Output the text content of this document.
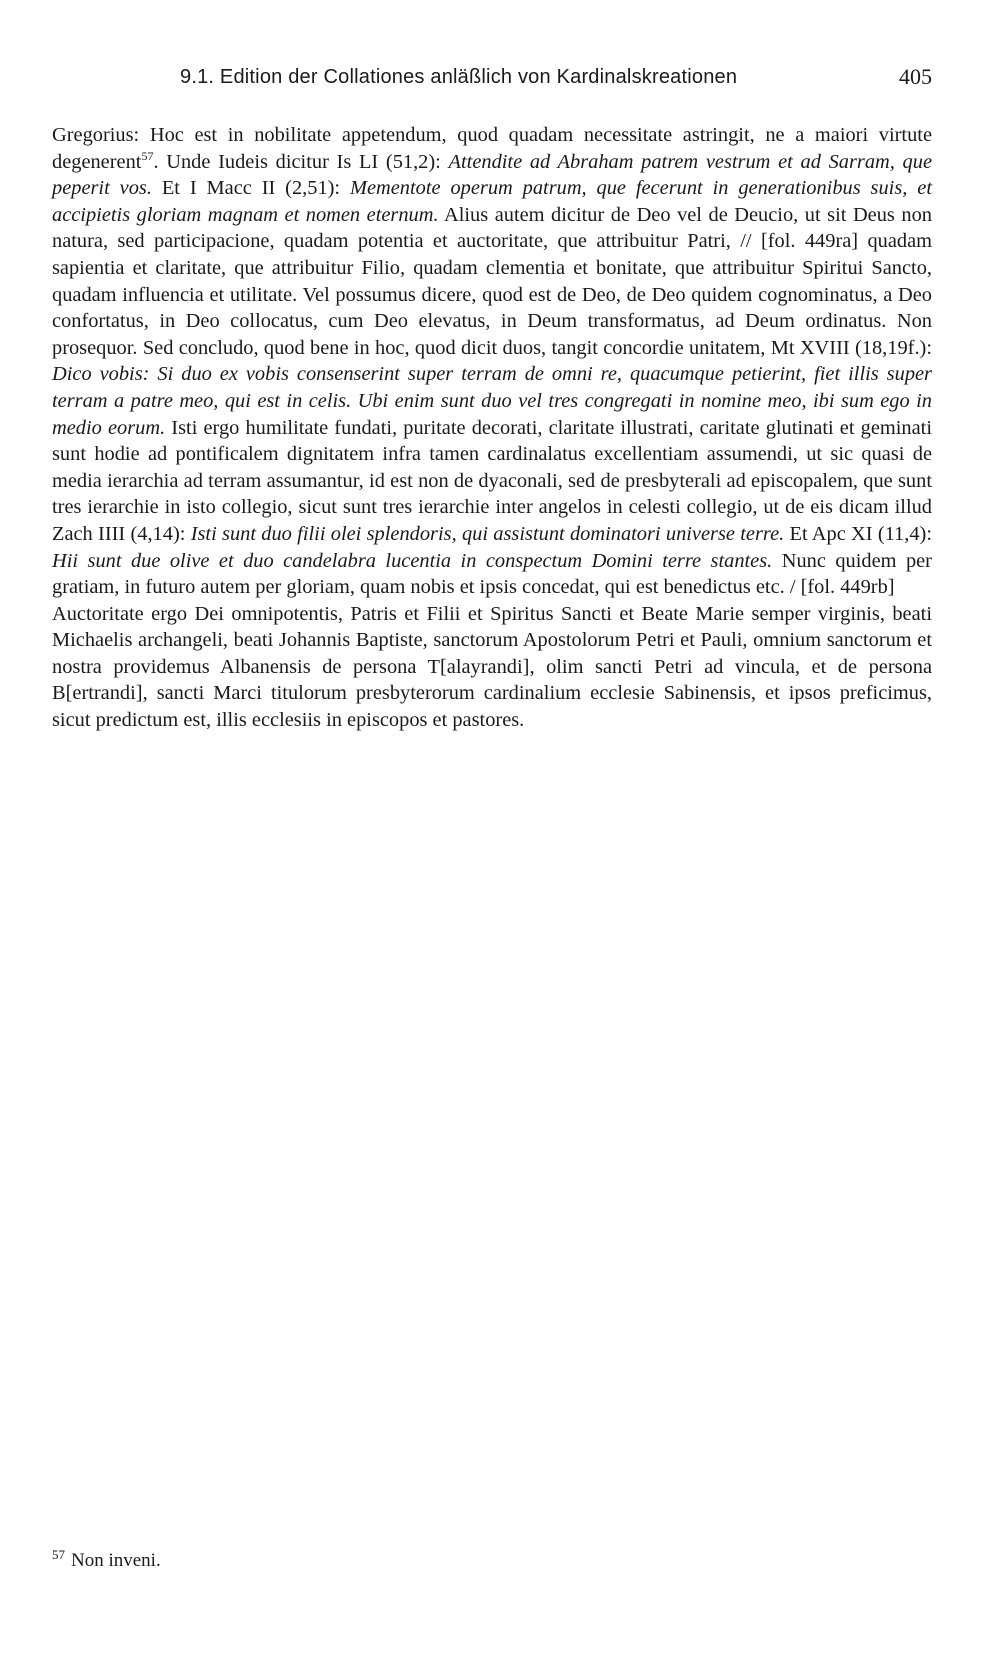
9.1. Edition der Collationes anläßlich von Kardinalskreationen	405

Gregorius: Hoc est in nobilitate appetendum, quod quadam necessitate astringit, ne a maiori virtute degenerent$^{57}$. Unde Iudeis dicitur Is LI (51,2): Attendite ad Abraham patrem vestrum et ad Sarram, que peperit vos. Et I Macc II (2,51): Mementote operum patrum, que fecerunt in generationibus suis, et accipietis gloriam magnam et nomen eternum. Alius autem dicitur de Deo vel de Deucio, ut sit Deus non natura, sed participacione, quadam potentia et auctoritate, que attribuitur Patri, // [fol. 449ra] quadam sapientia et claritate, que attribuitur Filio, quadam clementia et bonitate, que attribuitur Spiritui Sancto, quadam influencia et utilitate. Vel possumus dicere, quod est de Deo, de Deo quidem cognominatus, a Deo confortatus, in Deo collocatus, cum Deo elevatus, in Deum transformatus, ad Deum ordinatus. Non prosequor. Sed concludo, quod bene in hoc, quod dicit duos, tangit concordie unitatem, Mt XVIII (18,19f.): Dico vobis: Si duo ex vobis consenserint super terram de omni re, quacumque petierint, fiet illis super terram a patre meo, qui est in celis. Ubi enim sunt duo vel tres congregati in nomine meo, ibi sum ego in medio eorum. Isti ergo humilitate fundati, puritate decorati, claritate illustrati, caritate glutinati et geminati sunt hodie ad pontificalem dignitatem infra tamen cardinalatus excellentiam assumendi, ut sic quasi de media ierarchia ad terram assumantur, id est non de dyaconali, sed de presbyterali ad episcopalem, que sunt tres ierarchie in isto collegio, sicut sunt tres ierarchie inter angelos in celesti collegio, ut de eis dicam illud Zach IIII (4,14): Isti sunt duo filii olei splendoris, qui assistunt dominatori universe terre. Et Apc XI (11,4): Hii sunt due olive et duo candelabra lucentia in conspectum Domini terre stantes. Nunc quidem per gratiam, in futuro autem per gloriam, quam nobis et ipsis concedat, qui est benedictus etc. / [fol. 449rb]

Auctoritate ergo Dei omnipotentis, Patris et Filii et Spiritus Sancti et Beate Marie semper virginis, beati Michaelis archangeli, beati Johannis Baptiste, sanctorum Apostolorum Petri et Pauli, omnium sanctorum et nostra providemus Albanensis de persona T[alayrandi], olim sancti Petri ad vincula, et de persona B[ertrandi], sancti Marci titulorum presbyterorum cardinalium ecclesie Sabinensis, et ipsos preficimus, sicut predictum est, illis ecclesiis in episcopos et pastores.

$^{57}$ Non inveni.
